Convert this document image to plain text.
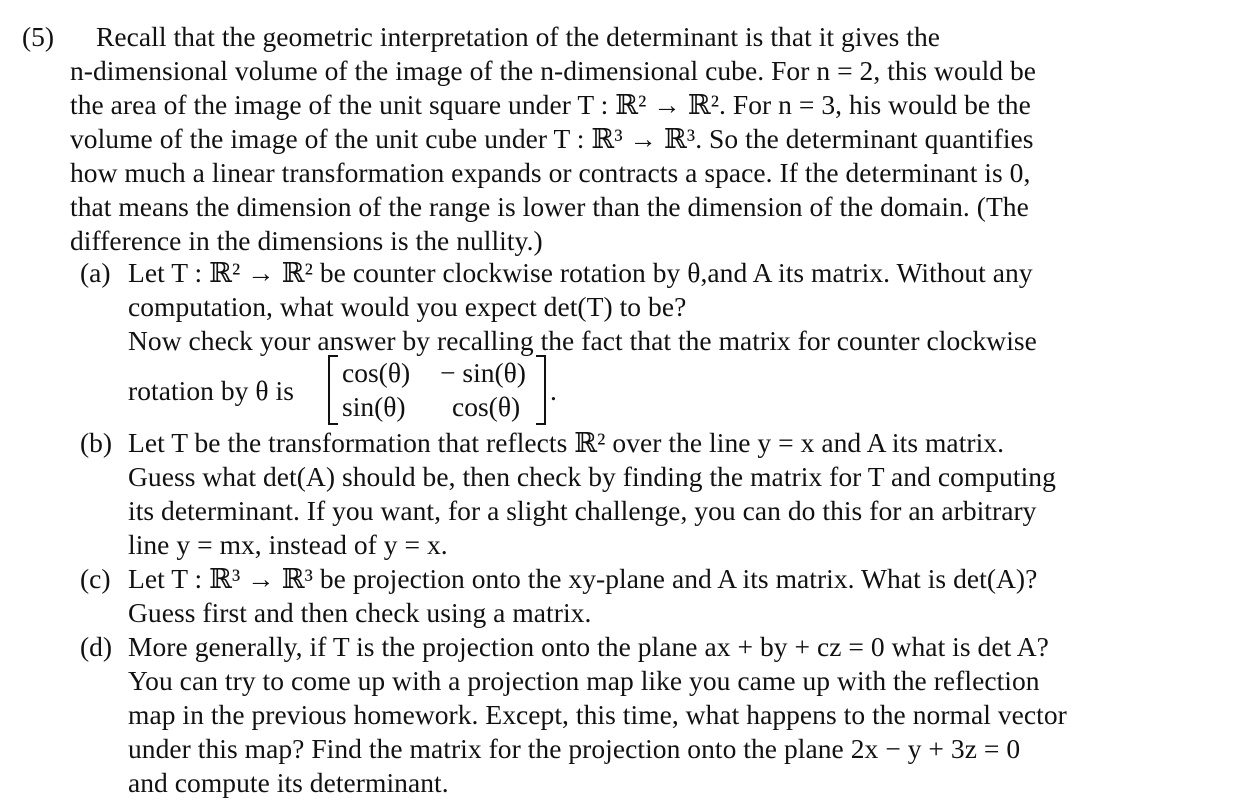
(5) Recall that the geometric interpretation of the determinant is that it gives the
n-dimensional volume of the image of the n-dimensional cube. For n = 2, this would be
the area of the image of the unit square under T : ℝ² → ℝ². For n = 3, his would be the
volume of the image of the unit cube under T : ℝ³ → ℝ³. So the determinant quantifies
how much a linear transformation expands or contracts a space. If the determinant is 0,
that means the dimension of the range is lower than the dimension of the domain. (The
difference in the dimensions is the nullity.)
(a) Let T : ℝ² → ℝ² be counter clockwise rotation by θ,and A its matrix. Without any
computation, what would you expect det(T) to be?
Now check your answer by recalling the fact that the matrix for counter clockwise
rotation by θ is
cos(θ) − sin(θ)
sin(θ) cos(θ)
.
(b) Let T be the transformation that reflects ℝ² over the line y = x and A its matrix.
Guess what det(A) should be, then check by finding the matrix for T and computing
its determinant. If you want, for a slight challenge, you can do this for an arbitrary
line y = mx, instead of y = x.
(c) Let T : ℝ³ → ℝ³ be projection onto the xy-plane and A its matrix. What is det(A)?
Guess first and then check using a matrix.
(d) More generally, if T is the projection onto the plane ax + by + cz = 0 what is det A?
You can try to come up with a projection map like you came up with the reflection
map in the previous homework. Except, this time, what happens to the normal vector
under this map? Find the matrix for the projection onto the plane 2x − y + 3z = 0
and compute its determinant.
